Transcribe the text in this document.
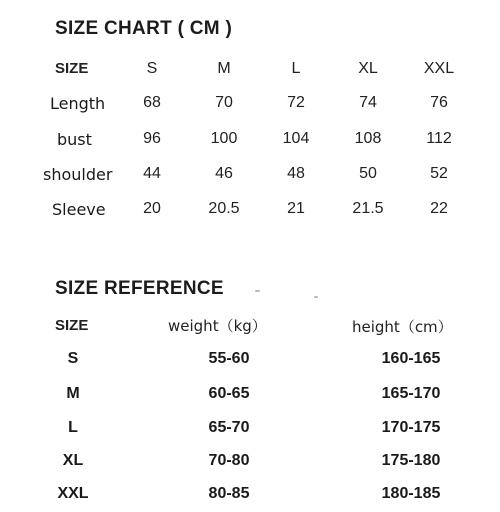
SIZE CHART ( CM )
SIZE	S	M	L	XL	XXL
Length 68	70	72	74	76
bust	96	100	104	108	112
shoulder 44	46	48	50	52
Sleeve 20	20.5	21	21.5	22
SIZE REFERENCE
SIZE	weight（kg）	height（cm）
S	55-60	160-165
M	60-65	165-170
L	65-70	170-175
XL	70-80	175-180
XXL	80-85	180-185
